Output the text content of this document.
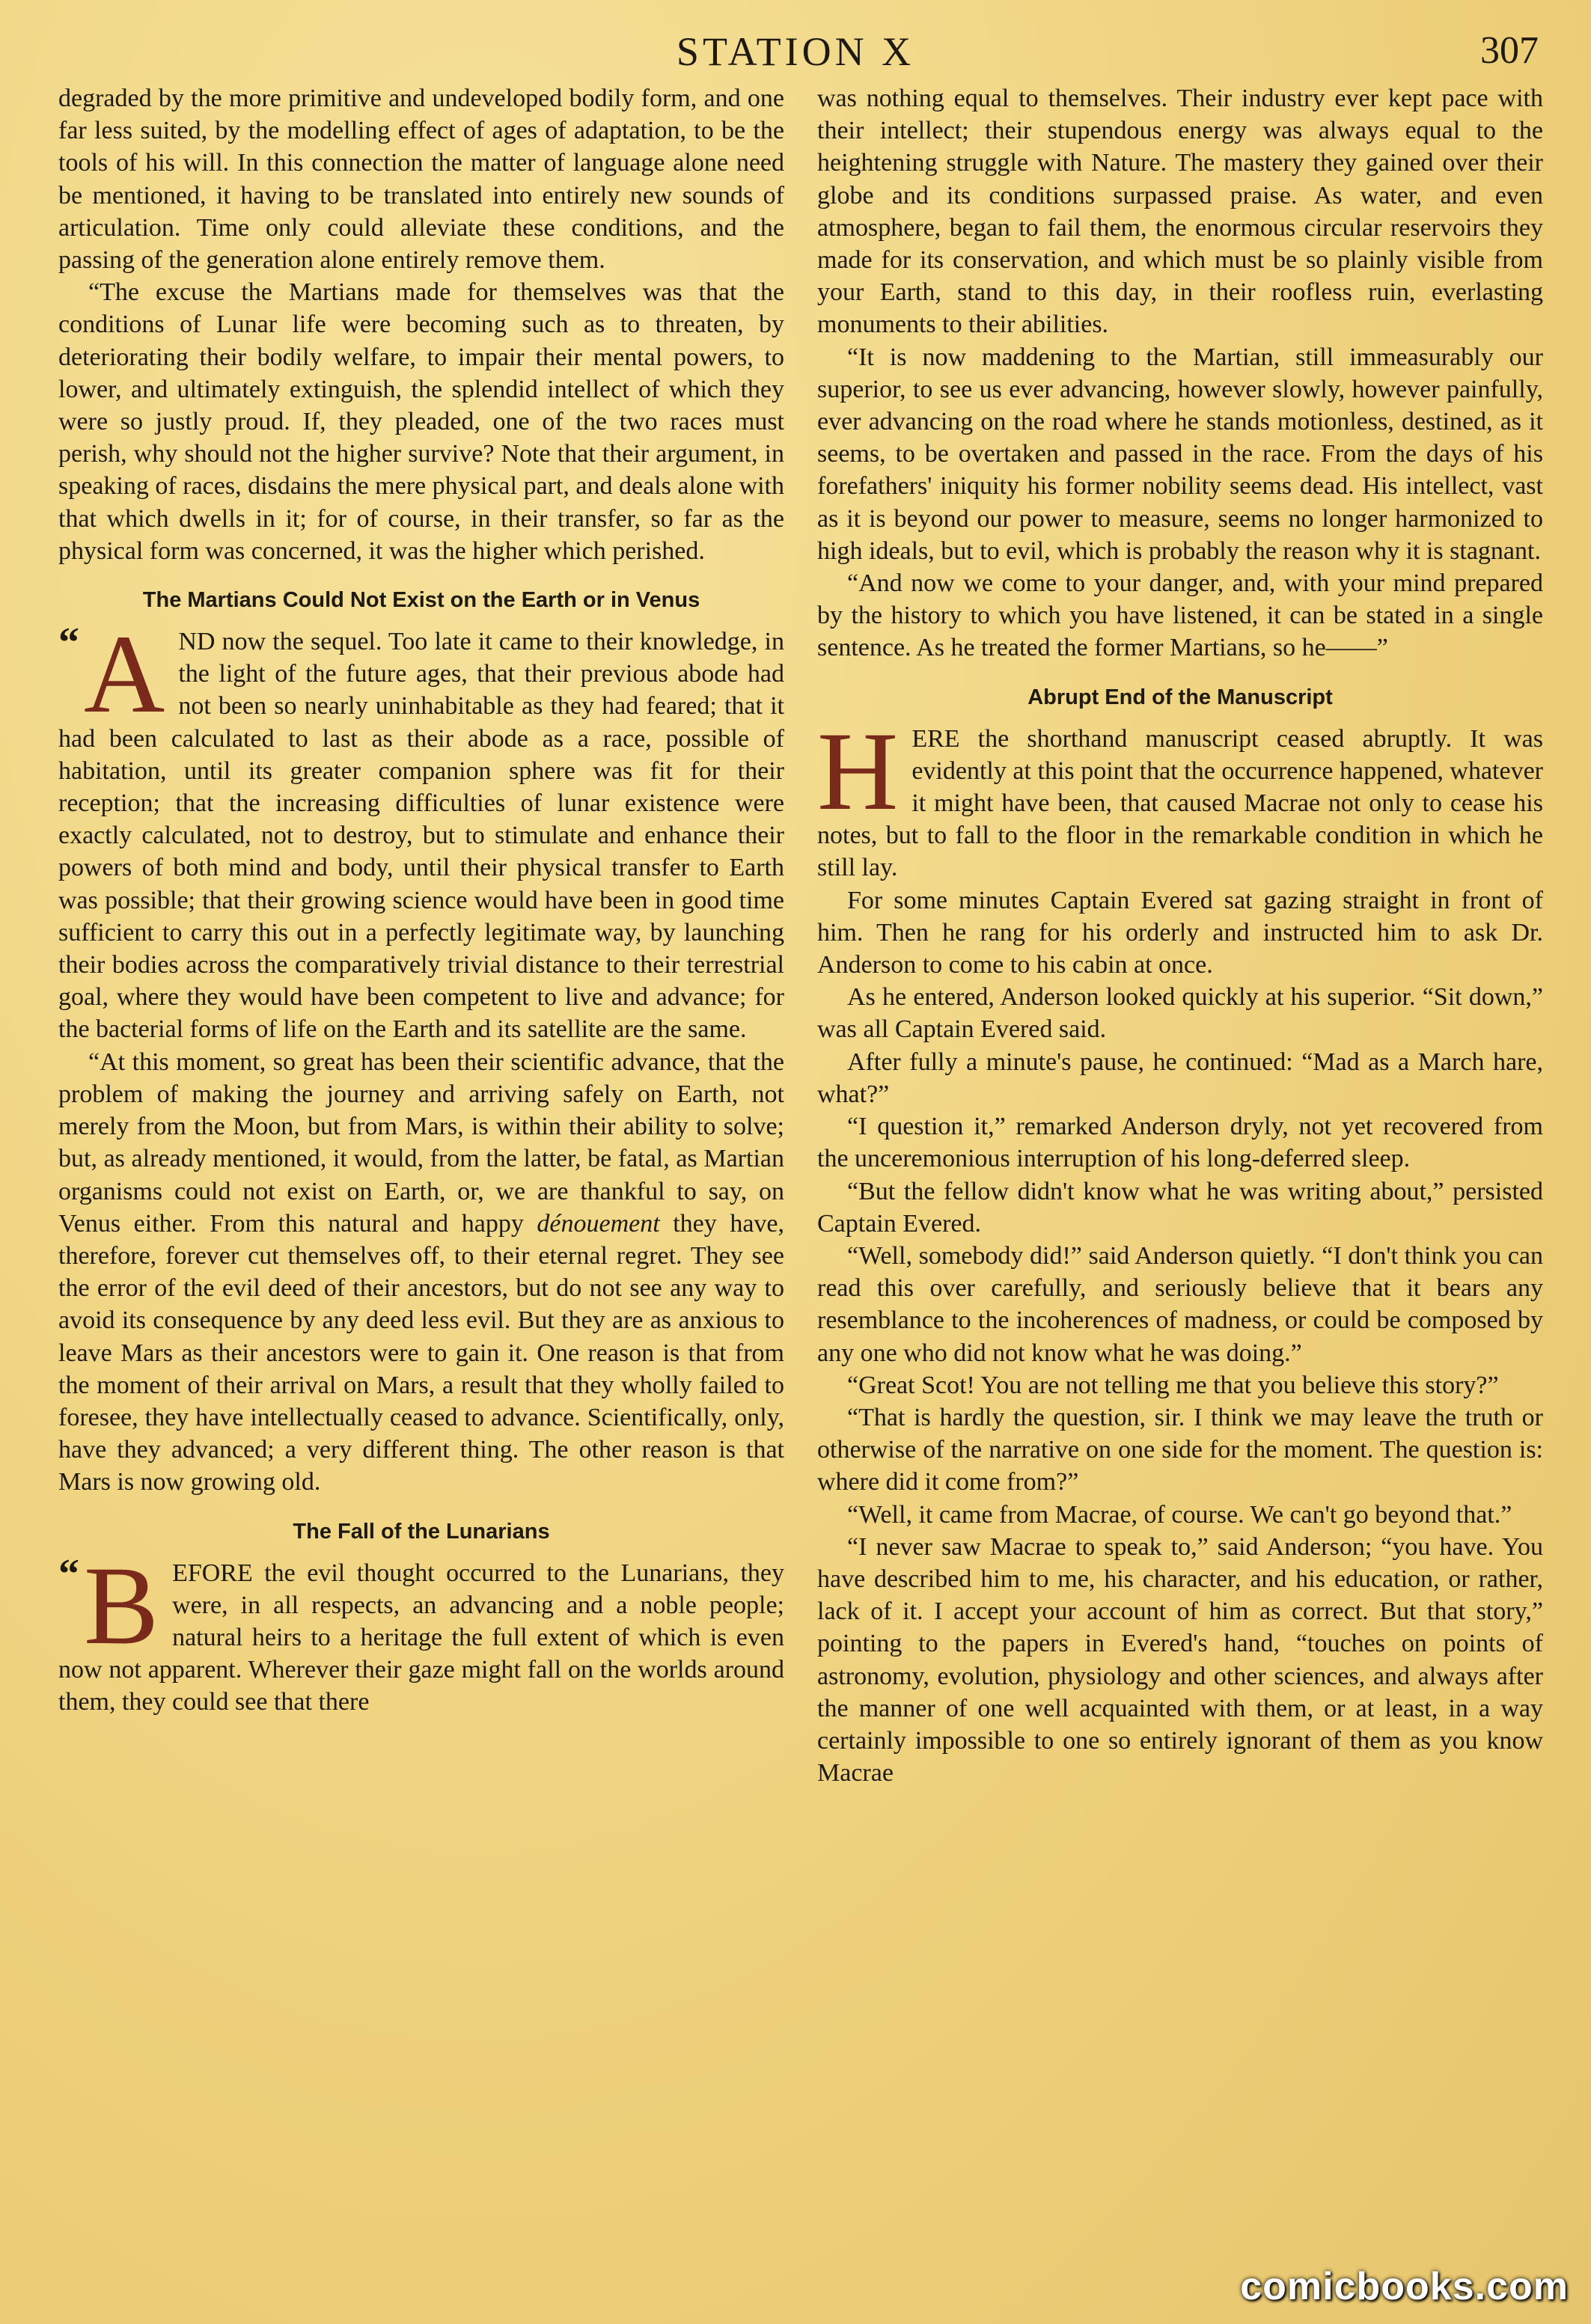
STATION X	307

degraded by the more primitive and undeveloped bodily form, and one far less suited, by the modelling effect of ages of adaptation, to be the tools of his will. In this connection the matter of language alone need be mentioned, it having to be translated into entirely new sounds of articulation. Time only could alleviate these conditions, and the passing of the generation alone entirely remove them.

“The excuse the Martians made for themselves was that the conditions of Lunar life were becoming such as to threaten, by deteriorating their bodily welfare, to impair their mental powers, to lower, and ultimately extinguish, the splendid intellect of which they were so justly proud. If, they pleaded, one of the two races must perish, why should not the higher survive? Note that their argument, in speaking of races, disdains the mere physical part, and deals alone with that which dwells in it; for of course, in their transfer, so far as the physical form was concerned, it was the higher which perished.

The Martians Could Not Exist on the Earth or in Venus

“ A ND now the sequel. Too late it came to their knowledge, in the light of the future ages, that their previous abode had not been so nearly uninhabitable as they had feared; that it had been calculated to last as their abode as a race, possible of habitation, until its greater companion sphere was fit for their reception; that the increasing difficulties of lunar existence were exactly calculated, not to destroy, but to stimulate and enhance their powers of both mind and body, until their physical transfer to Earth was possible; that their growing science would have been in good time sufficient to carry this out in a perfectly legitimate way, by launching their bodies across the comparatively trivial distance to their terrestrial goal, where they would have been competent to live and advance; for the bacterial forms of life on the Earth and its satellite are the same.

“At this moment, so great has been their scientific advance, that the problem of making the journey and arriving safely on Earth, not merely from the Moon, but from Mars, is within their ability to solve; but, as already mentioned, it would, from the latter, be fatal, as Martian organisms could not exist on Earth, or, we are thankful to say, on Venus either. From this natural and happy dénouement they have, therefore, forever cut themselves off, to their eternal regret. They see the error of the evil deed of their ancestors, but do not see any way to avoid its consequence by any deed less evil. But they are as anxious to leave Mars as their ancestors were to gain it. One reason is that from the moment of their arrival on Mars, a result that they wholly failed to foresee, they have intellectually ceased to advance. Scientifically, only, have they advanced; a very different thing. The other reason is that Mars is now growing old.

The Fall of the Lunarians

“ B EFORE the evil thought occurred to the Lunarians, they were, in all respects, an advancing and a noble people; natural heirs to a heritage the full extent of which is even now not apparent. Wherever their gaze might fall on the worlds around them, they could see that there

was nothing equal to themselves. Their industry ever kept pace with their intellect; their stupendous energy was always equal to the heightening struggle with Nature. The mastery they gained over their globe and its conditions surpassed praise. As water, and even atmosphere, began to fail them, the enormous circular reservoirs they made for its conservation, and which must be so plainly visible from your Earth, stand to this day, in their roofless ruin, everlasting monuments to their abilities.

“It is now maddening to the Martian, still immeasurably our superior, to see us ever advancing, however slowly, however painfully, ever advancing on the road where he stands motionless, destined, as it seems, to be overtaken and passed in the race. From the days of his forefathers' iniquity his former nobility seems dead. His intellect, vast as it is beyond our power to measure, seems no longer harmonized to high ideals, but to evil, which is probably the reason why it is stagnant.

“And now we come to your danger, and, with your mind prepared by the history to which you have listened, it can be stated in a single sentence. As he treated the former Martians, so he——”

Abrupt End of the Manuscript

HERE the shorthand manuscript ceased abruptly. It was evidently at this point that the occurrence happened, whatever it might have been, that caused Macrae not only to cease his notes, but to fall to the floor in the remarkable condition in which he still lay.

For some minutes Captain Evered sat gazing straight in front of him. Then he rang for his orderly and instructed him to ask Dr. Anderson to come to his cabin at once.

As he entered, Anderson looked quickly at his superior. “Sit down,” was all Captain Evered said.

After fully a minute's pause, he continued: “Mad as a March hare, what?”

“I question it,” remarked Anderson dryly, not yet recovered from the unceremonious interruption of his long-deferred sleep.

“But the fellow didn't know what he was writing about,” persisted Captain Evered.

“Well, somebody did!” said Anderson quietly. “I don't think you can read this over carefully, and seriously believe that it bears any resemblance to the incoherences of madness, or could be composed by any one who did not know what he was doing.”

“Great Scot! You are not telling me that you believe this story?”

“That is hardly the question, sir. I think we may leave the truth or otherwise of the narrative on one side for the moment. The question is: where did it come from?”

“Well, it came from Macrae, of course. We can't go beyond that.”

“I never saw Macrae to speak to,” said Anderson; “you have. You have described him to me, his character, and his education, or rather, lack of it. I accept your account of him as correct. But that story,” pointing to the papers in Evered's hand, “touches on points of astronomy, evolution, physiology and other sciences, and always after the manner of one well acquainted with them, or at least, in a way certainly impossible to one so entirely ignorant of them as you know Macrae

comicbooks.com
